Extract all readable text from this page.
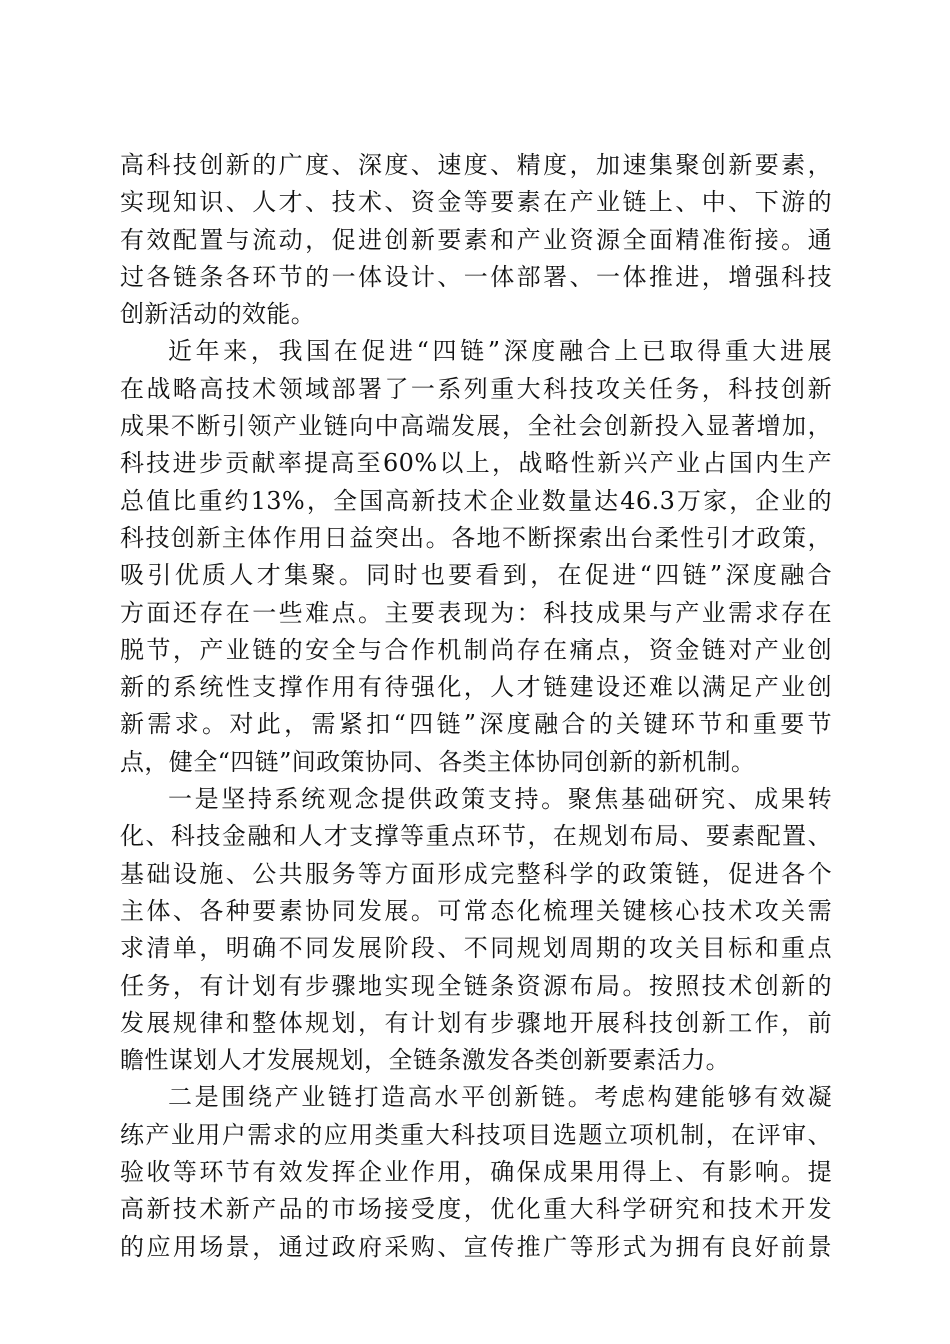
高科技创新的广度、深度、速度、精度，加速集聚创新要素，
实现知识、人才、技术、资金等要素在产业链上、中、下游的
有效配置与流动，促进创新要素和产业资源全面精准衔接。通
过各链条各环节的一体设计、一体部署、一体推进，增强科技
创新活动的效能。
近年来，我国在促进“四链”深度融合上已取得重大进展
在战略高技术领域部署了一系列重大科技攻关任务，科技创新
成果不断引领产业链向中高端发展，全社会创新投入显著增加，
科技进步贡献率提高至60%以上，战略性新兴产业占国内生产
总值比重约13%，全国高新技术企业数量达46.3万家，企业的
科技创新主体作用日益突出。各地不断探索出台柔性引才政策，
吸引优质人才集聚。同时也要看到，在促进“四链”深度融合
方面还存在一些难点。主要表现为：科技成果与产业需求存在
脱节，产业链的安全与合作机制尚存在痛点，资金链对产业创
新的系统性支撑作用有待强化，人才链建设还难以满足产业创
新需求。对此，需紧扣“四链”深度融合的关键环节和重要节
点，健全“四链”间政策协同、各类主体协同创新的新机制。
一是坚持系统观念提供政策支持。聚焦基础研究、成果转
化、科技金融和人才支撑等重点环节，在规划布局、要素配置、
基础设施、公共服务等方面形成完整科学的政策链，促进各个
主体、各种要素协同发展。可常态化梳理关键核心技术攻关需
求清单，明确不同发展阶段、不同规划周期的攻关目标和重点
任务，有计划有步骤地实现全链条资源布局。按照技术创新的
发展规律和整体规划，有计划有步骤地开展科技创新工作，前
瞻性谋划人才发展规划，全链条激发各类创新要素活力。
二是围绕产业链打造高水平创新链。考虑构建能够有效凝
练产业用户需求的应用类重大科技项目选题立项机制，在评审、
验收等环节有效发挥企业作用，确保成果用得上、有影响。提
高新技术新产品的市场接受度，优化重大科学研究和技术开发
的应用场景，通过政府采购、宣传推广等形式为拥有良好前景
